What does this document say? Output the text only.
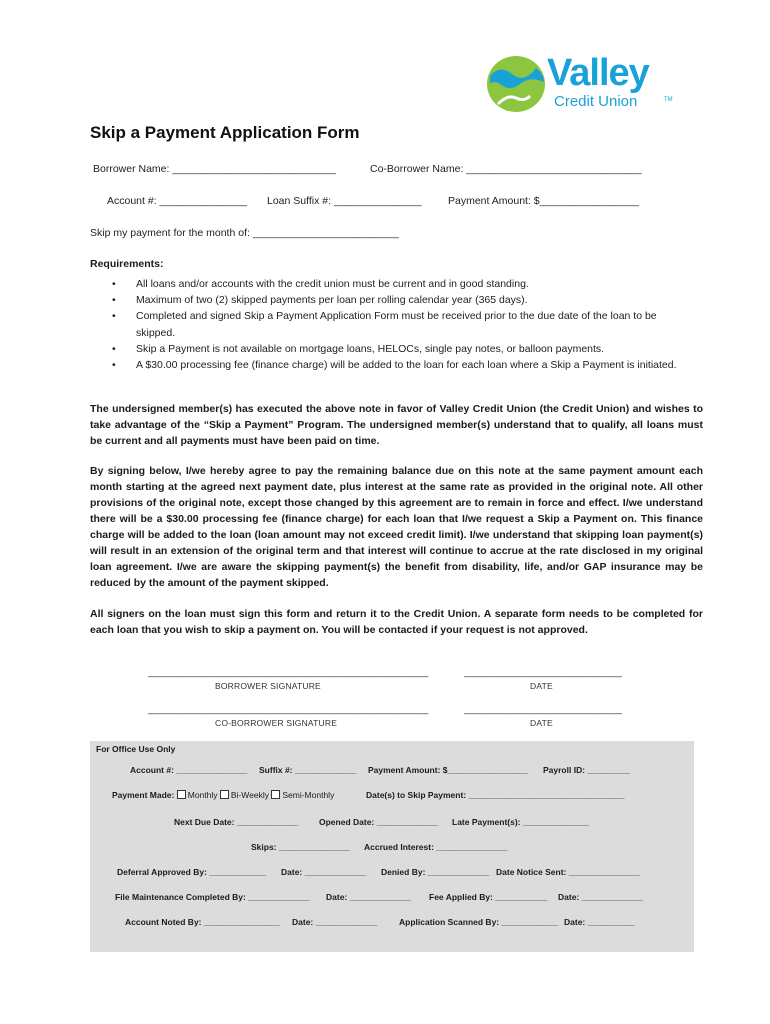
Valley
Credit Union	TM
Skip a Payment Application Form
Borrower Name: ____________________________	Co-Borrower Name: ______________________________
Account #: _______________ Loan Suffix #: _______________	Payment Amount: $_________________
Skip my payment for the month of: _________________________
Requirements:
• All loans and/or accounts with the credit union must be current and in good standing.
• Maximum of two (2) skipped payments per loan per rolling calendar year (365 days).
• Completed and signed Skip a Payment Application Form must be received prior to the due date of the loan to be skipped.
• Skip a Payment is not available on mortgage loans, HELOCs, single pay notes, or balloon payments.
• A $30.00 processing fee (finance charge) will be added to the loan for each loan where a Skip a Payment is initiated.
The undersigned member(s) has executed the above note in favor of Valley Credit Union (the Credit Union) and wishes to take advantage of the “Skip a Payment” Program. The undersigned member(s) understand that to qualify, all loans must be current and all payments must have been paid on time.
By signing below, I/we hereby agree to pay the remaining balance due on this note at the same payment amount each month starting at the agreed next payment date, plus interest at the same rate as provided in the original note. All other provisions of the original note, except those changed by this agreement are to remain in force and effect. I/we understand there will be a $30.00 processing fee (finance charge) for each loan that I/we request a Skip a Payment on. This finance charge will be added to the loan (loan amount may not exceed credit limit). I/we understand that skipping loan payment(s) will result in an extension of the original term and that interest will continue to accrue at the rate disclosed in my original loan agreement. I/we are aware the skipping payment(s) the benefit from disability, life, and/or GAP insurance may be reduced by the amount of the payment skipped.
All signers on the loan must sign this form and return it to the Credit Union. A separate form needs to be completed for each loan that you wish to skip a payment on. You will be contacted if your request is not approved.
________________________________________________
BORROWER SIGNATURE
___________________________
DATE
________________________________________________
CO-BORROWER SIGNATURE
___________________________
DATE
For Office Use Only
Account #: _______________ Suffix #: _____________ Payment Amount: $_________________ Payroll ID: _________
Payment Made: Monthly Bi-Weekly Semi-Monthly	Date(s) to Skip Payment: _________________________________
Next Due Date: _____________ Opened Date: _____________ Late Payment(s): ______________
Skips: _______________ Accrued Interest: _______________
Deferral Approved By: ____________ Date: _____________ Denied By: _____________ Date Notice Sent: _______________
File Maintenance Completed By: _____________ Date: _____________ Fee Applied By: ___________ Date: _____________
Account Noted By: ________________ Date: _____________	Application Scanned By: ____________ Date: __________
